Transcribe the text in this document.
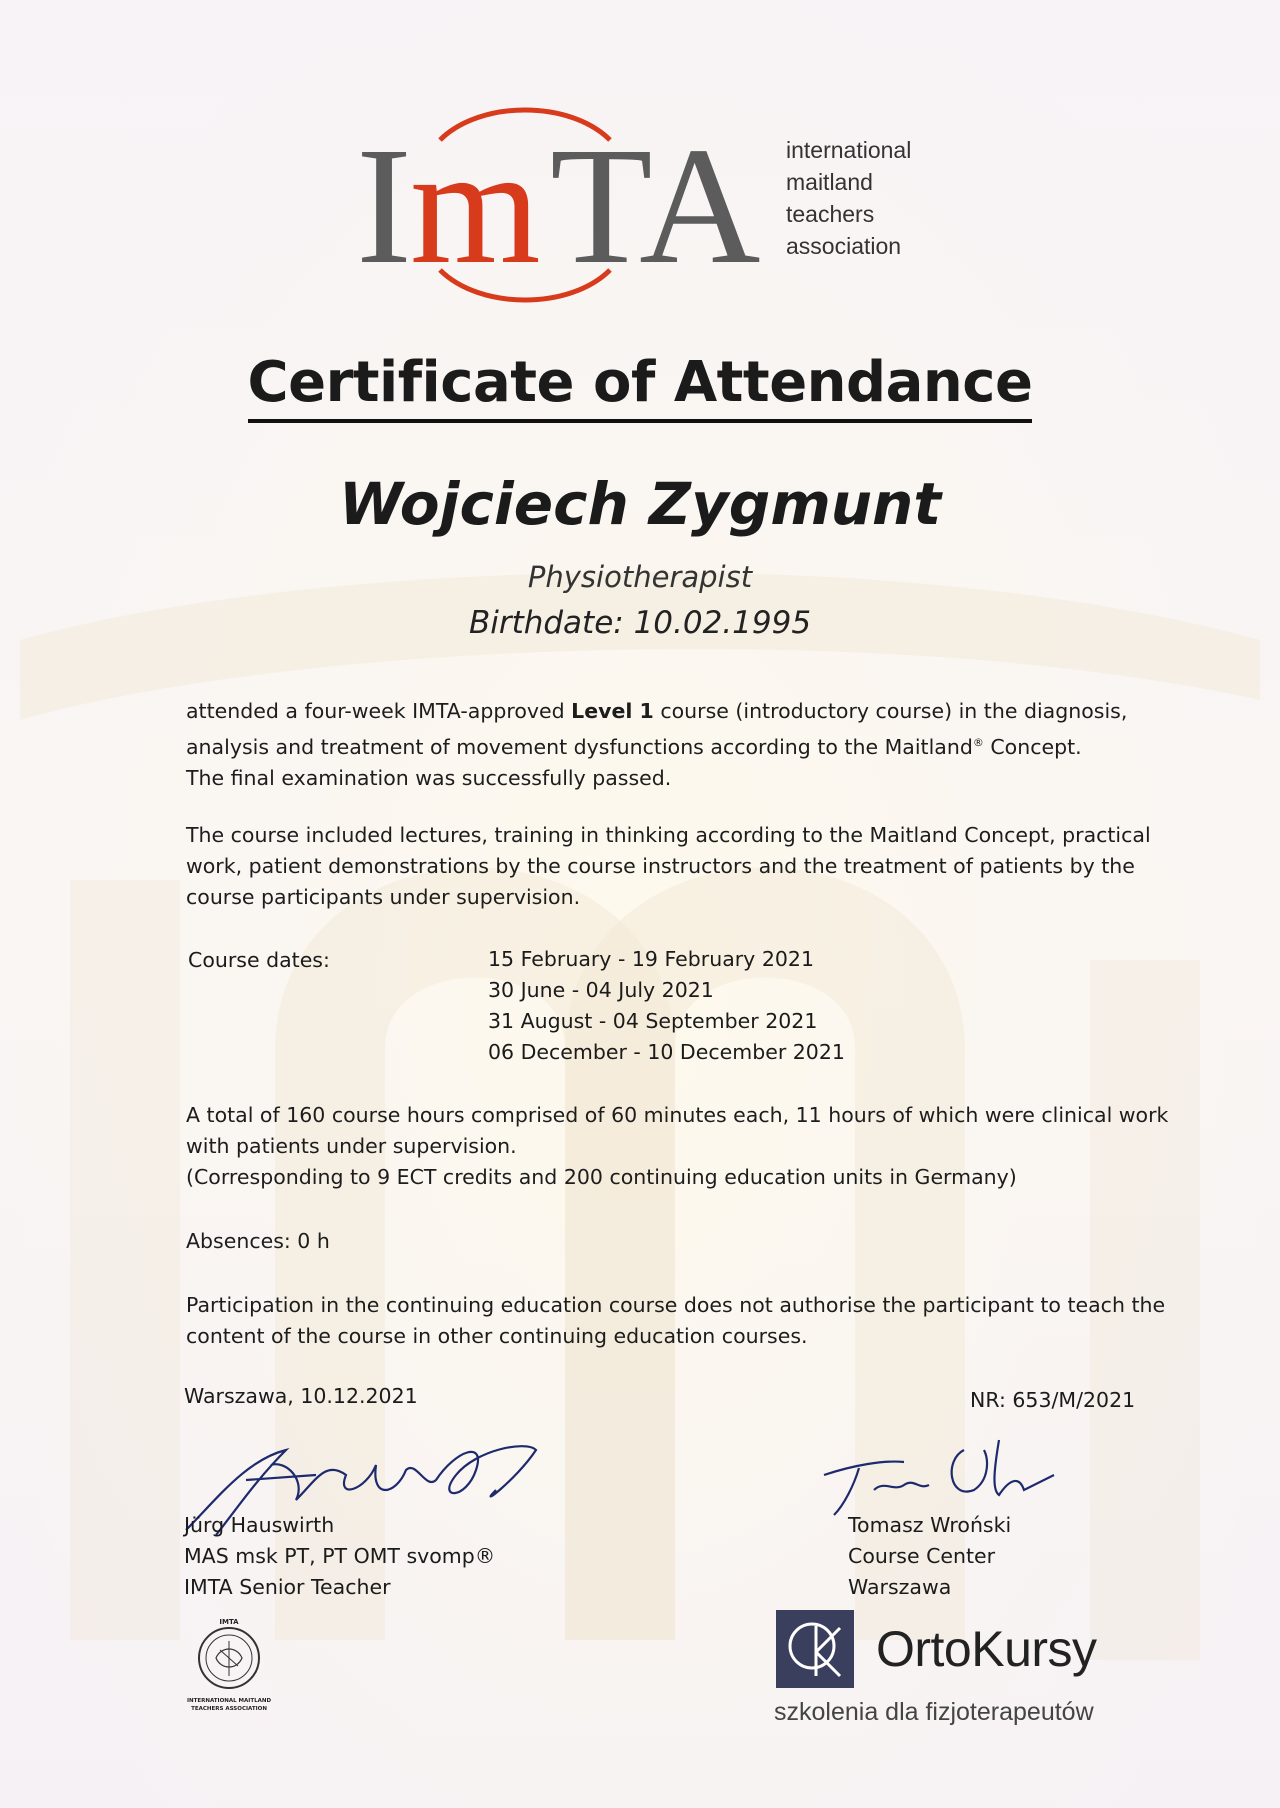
I
m TA international
maitland
teachers
association
Certificate of Attendance
Wojciech Zygmunt
Physiotherapist
Birthdate: 10.02.1995
attended a four-week IMTA-approved Level 1 course (introductory course) in the diagnosis, analysis and treatment of movement dysfunctions according to the Maitland® Concept.
The final examination was successfully passed.
The course included lectures, training in thinking according to the Maitland Concept, practical work, patient demonstrations by the course instructors and the treatment of patients by the course participants under supervision.
Course dates:	15 February - 19 February 2021
30 June - 04 July 2021
31 August - 04 September 2021
06 December - 10 December 2021
A total of 160 course hours comprised of 60 minutes each, 11 hours of which were clinical work with patients under supervision.
(Corresponding to 9 ECT credits and 200 continuing education units in Germany)
Absences: 0 h
Participation in the continuing education course does not authorise the participant to teach the content of the course in other continuing education courses.
Warszawa, 10.12.2021	NR: 653/M/2021
Jürg Hauswirth
MAS msk PT, PT OMT svomp®
IMTA Senior Teacher
Tomasz Wroński
Course Center
Warszawa
IMTA
INTERNATIONAL MAITLAND
TEACHERS ASSOCIATION
OrtoKursy
szkolenia dla fizjoterapeutów
